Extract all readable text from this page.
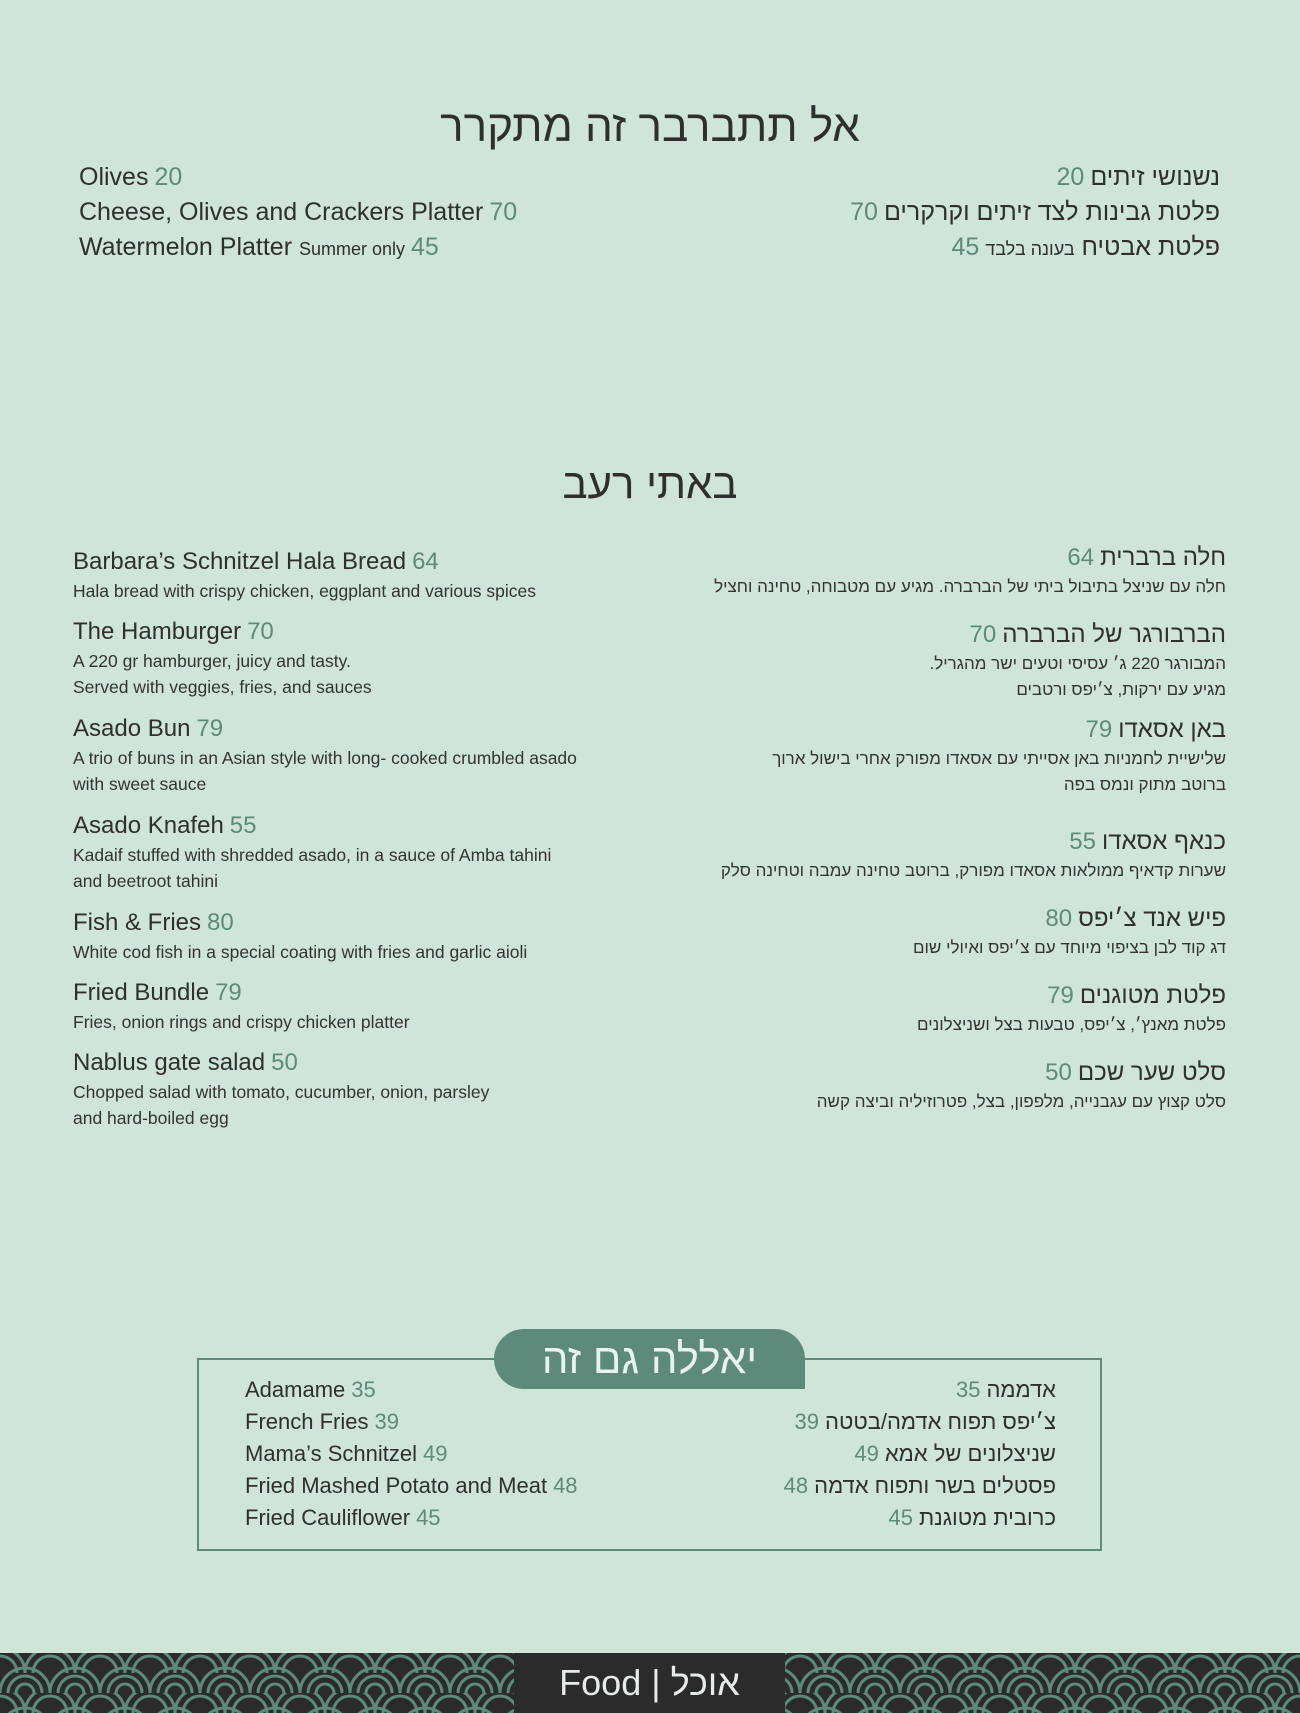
אל תתברבר זה מתקרר
Olives 20
Cheese, Olives and Crackers Platter 70
Watermelon Platter Summer only 45
נשנושי זיתים20
פלטת גבינות לצד זיתים וקרקרים70
פלטת אבטיח בעונה בלבד45
באתי רעב
Barbara’s Schnitzel Hala Bread 64
Hala bread with crispy chicken, eggplant and various spices
The Hamburger 70
A 220 gr hamburger, juicy and tasty.
Served with veggies, fries, and sauces
Asado Bun 79
A trio of buns in an Asian style with long- cooked crumbled asado
with sweet sauce
Asado Knafeh 55
Kadaif stuffed with shredded asado, in a sauce of Amba tahini
and beetroot tahini
Fish & Fries 80
White cod fish in a special coating with fries and garlic aioli
Fried Bundle 79
Fries, onion rings and crispy chicken platter
Nablus gate salad 50
Chopped salad with tomato, cucumber, onion, parsley
and hard-boiled egg
חלה ברברית64
חלה עם שניצל בתיבול ביתי של הברברה. מגיע עם מטבוחה, טחינה וחציל
הברבורגר של הברברה70
המבורגר 220 ג׳ עסיסי וטעים ישר מהגריל.
מגיע עם ירקות, צ׳יפס ורטבים
באן אסאדו79
שלישיית לחמניות באן אסייתי עם אסאדו מפורק אחרי בישול ארוך
ברוטב מתוק ונמס בפה
כנאף אסאדו55
שערות קדאיף ממולאות אסאדו מפורק, ברוטב טחינה עמבה וטחינה סלק
פיש אנד צ׳יפס80
דג קוד לבן בציפוי מיוחד עם צ׳יפס ואיולי שום
פלטת מטוגנים79
פלטת מאנץ׳, צ׳יפס, טבעות בצל ושניצלונים
סלט שער שכם50
סלט קצוץ עם עגבנייה, מלפפון, בצל, פטרוזיליה וביצה קשה
יאללה גם זה
Adamame 35
French Fries 39
Mama’s Schnitzel 49
Fried Mashed Potato and Meat 48
Fried Cauliflower 45
אדממה35
צ׳יפס תפוח אדמה/בטטה39
שניצלונים של אמא49
פסטלים בשר ותפוח אדמה48
כרובית מטוגנת45
Food | אוכל
